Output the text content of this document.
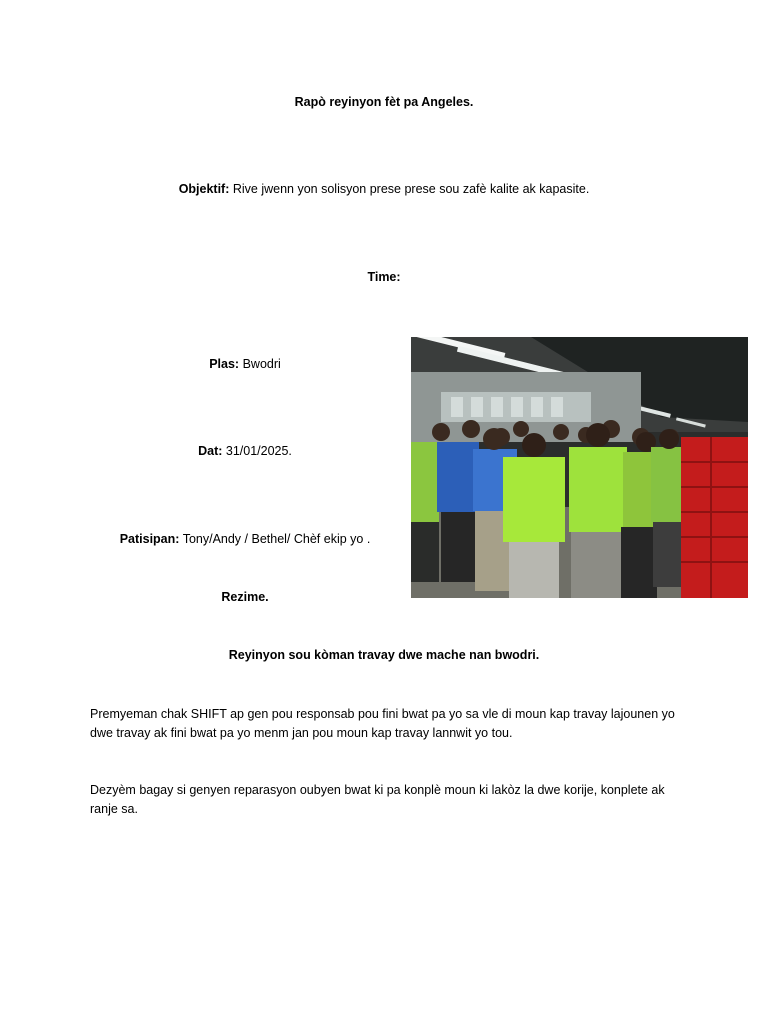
Rapò reyinyon fèt pa Angeles.
Objektif: Rive jwenn yon solisyon prese prese sou zafè kalite ak kapasite.
Time:
Plas: Bwodri
Dat: 31/01/2025.
Patisipan: Tony/Andy / Bethel/ Chèf ekip yo .
Rezime.
Reyinyon sou kòman travay dwe mache nan bwodri.
Premyeman chak SHIFT ap gen pou responsab pou fini bwat pa yo sa vle di moun kap travay lajounen yo dwe travay ak fini bwat pa yo menm jan pou moun kap travay lannwit yo tou.
Dezyèm bagay si genyen reparasyon oubyen bwat ki pa konplè moun ki lakòz la dwe korije, konplete ak ranje sa.
